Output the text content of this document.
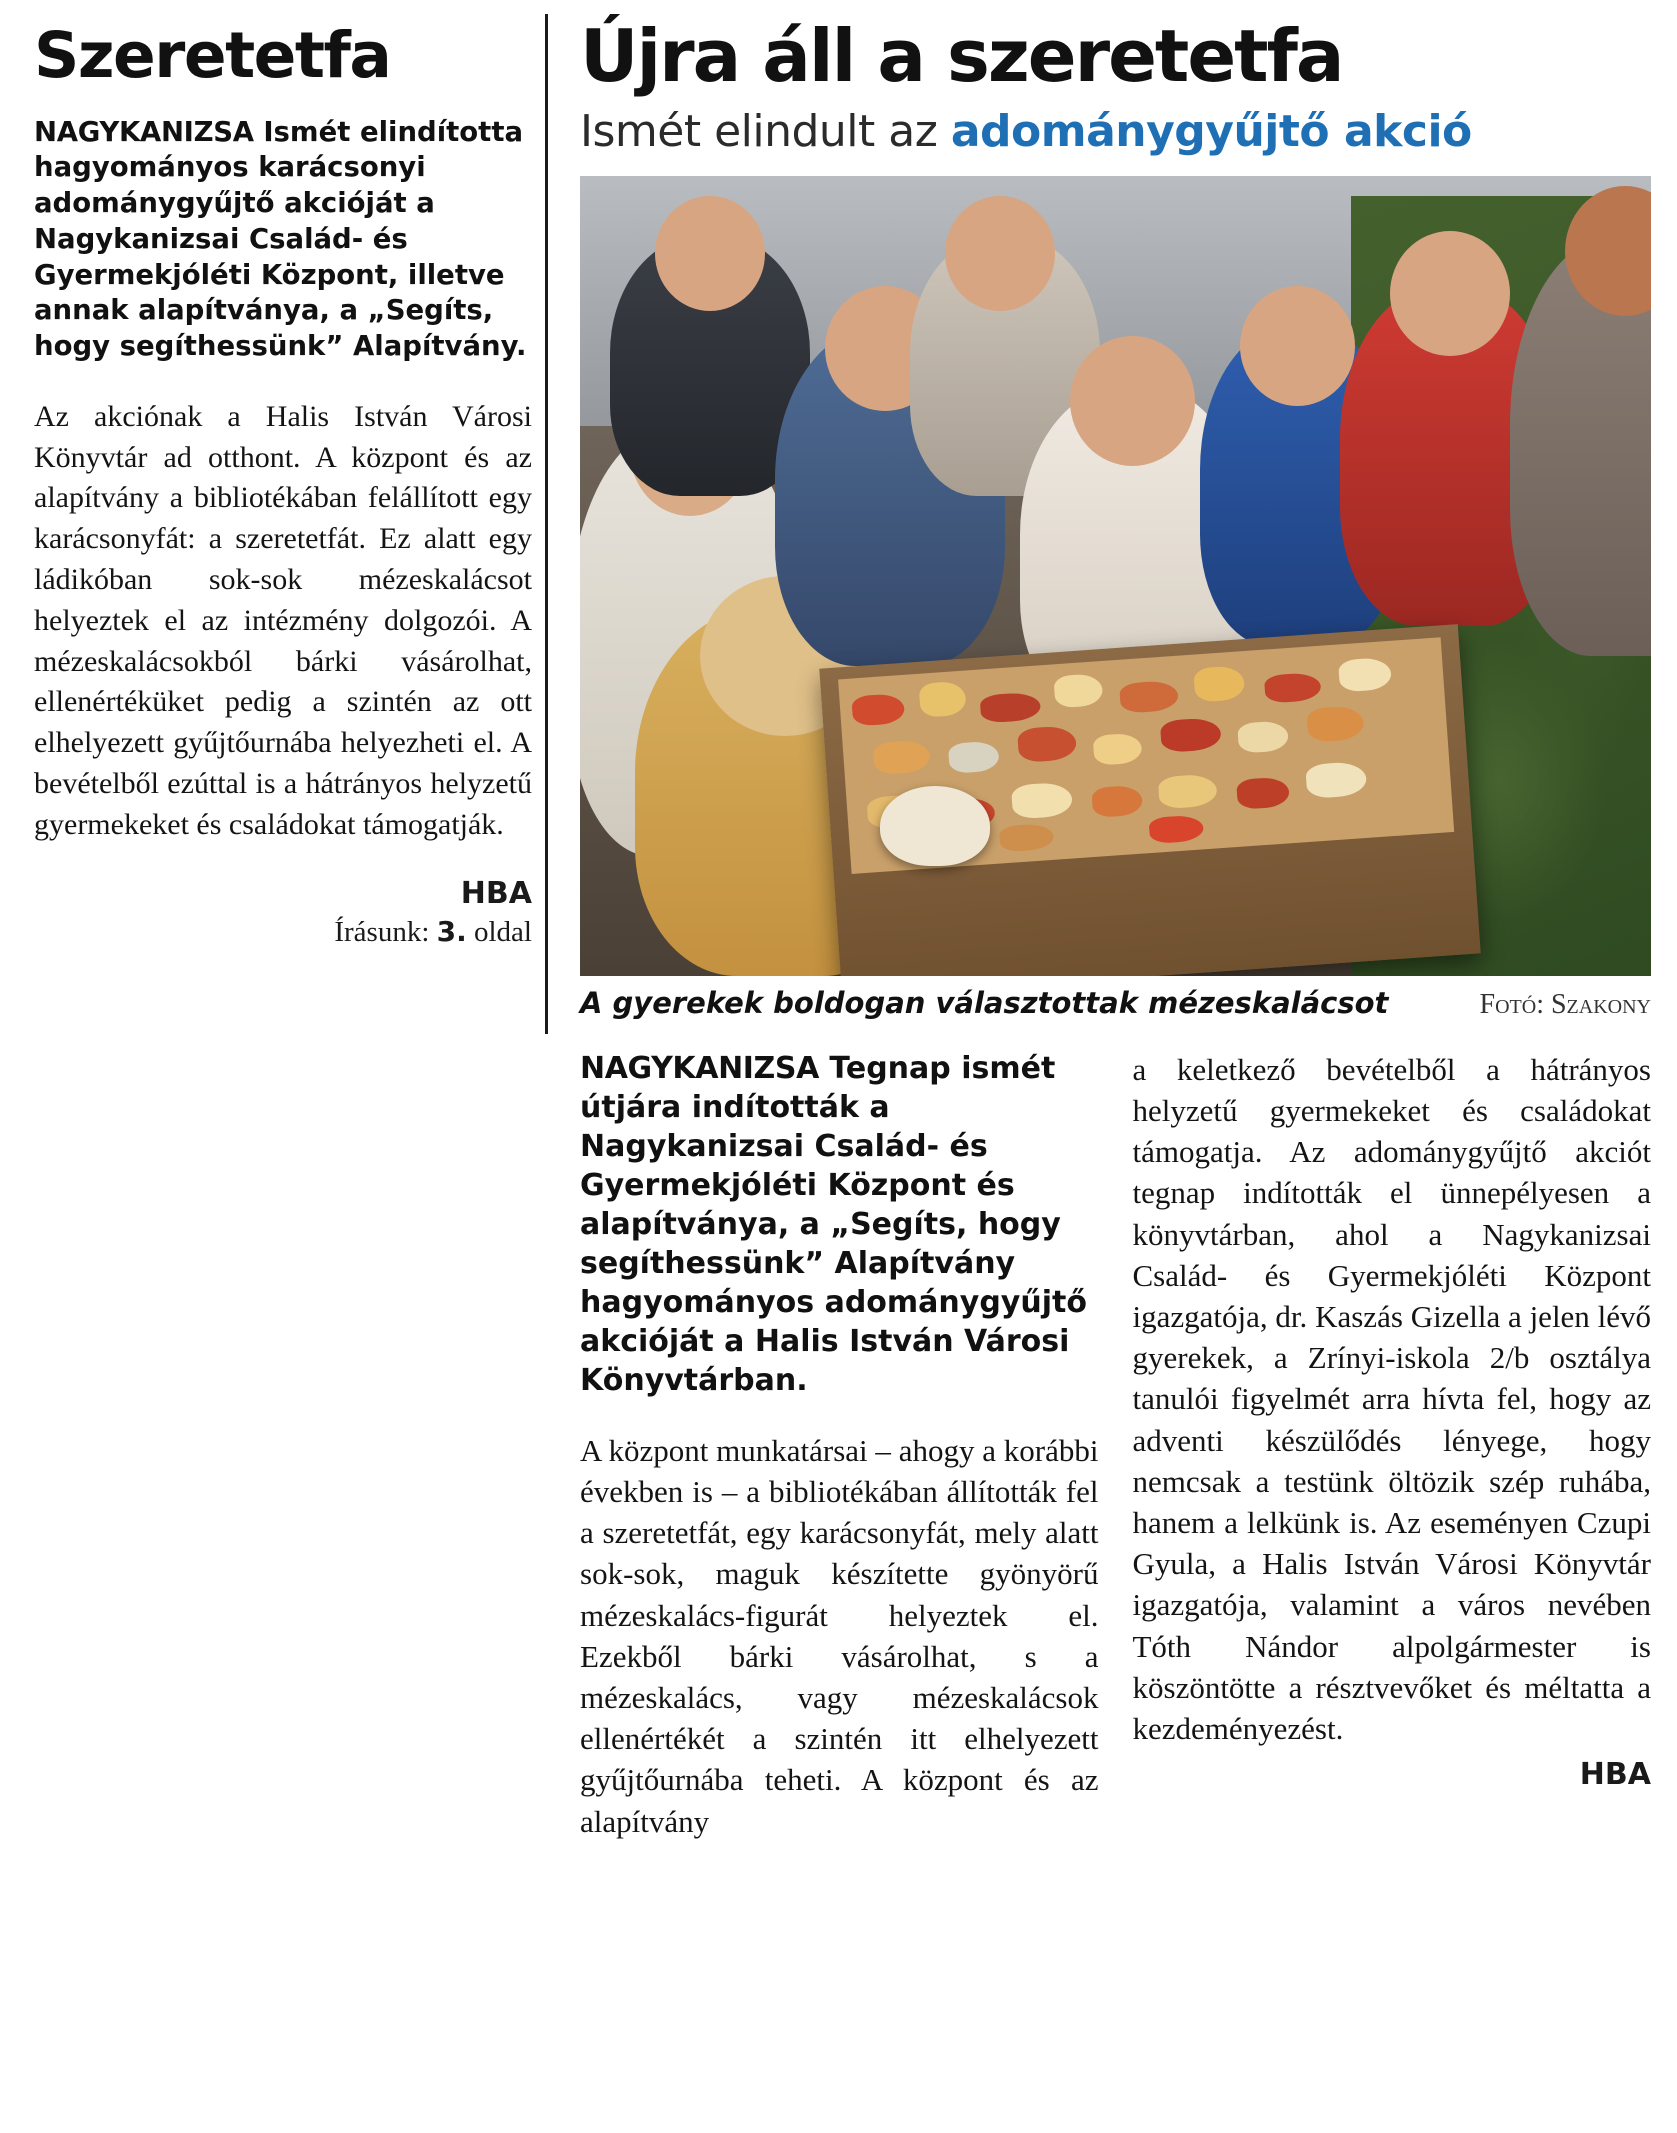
Szeretetfa

NAGYKANIZSA Ismét elindította hagyományos karácsonyi adománygyűjtő akcióját a Nagykanizsai Család- és Gyermekjóléti Központ, illetve annak alapítványa, a „Segíts, hogy segíthessünk” Alapítvány.

Az akciónak a Halis István Városi Könyvtár ad otthont. A központ és az alapítvány a bibliotékában felállított egy karácsonyfát: a szeretetfát. Ez alatt egy ládikóban sok-sok mézeskalácsot helyeztek el az intézmény dolgozói. A mézeskalácsokból bárki vásárolhat, ellenértéküket pedig a szintén az ott elhelyezett gyűjtőurnába helyezheti el. A bevételből ezúttal is a hátrányos helyzetű gyermekeket és családokat támogatják.

HBA
Írásunk: 3. oldal
Újra áll a szeretetfa
Ismét elindult az adománygyűjtő akció
A gyerekek boldogan választottak mézeskalácsot	Fotó: Szakony

NAGYKANIZSA Tegnap ismét útjára indították a Nagykanizsai Család- és Gyermekjóléti Központ és alapítványa, a „Segíts, hogy segíthessünk” Alapítvány hagyományos adománygyűjtő akcióját a Halis István Városi Könyvtárban.

A központ munkatársai – ahogy a korábbi években is – a bibliotékában állították fel a szeretetfát, egy karácsonyfát, mely alatt sok-sok, maguk készítette gyönyörű mézeskalács-figurát helyeztek el. Ezekből bárki vásárolhat, s a mézeskalács, vagy mézeskalácsok ellenértékét a szintén itt elhelyezett gyűjtőurnába teheti. A központ és az alapítvány

a keletkező bevételből a hátrányos helyzetű gyermekeket és családokat támogatja. Az adománygyűjtő akciót tegnap indították el ünnepélyesen a könyvtárban, ahol a Nagykanizsai Család- és Gyermekjóléti Központ igazgatója, dr. Kaszás Gizella a jelen lévő gyerekek, a Zrínyi-iskola 2/b osztálya tanulói figyelmét arra hívta fel, hogy az adventi készülődés lényege, hogy nemcsak a testünk öltözik szép ruhába, hanem a lelkünk is. Az eseményen Czupi Gyula, a Halis István Városi Könyvtár igazgatója, valamint a város nevében Tóth Nándor alpolgármester is köszöntötte a résztvevőket és méltatta a kezdeményezést.

HBA
